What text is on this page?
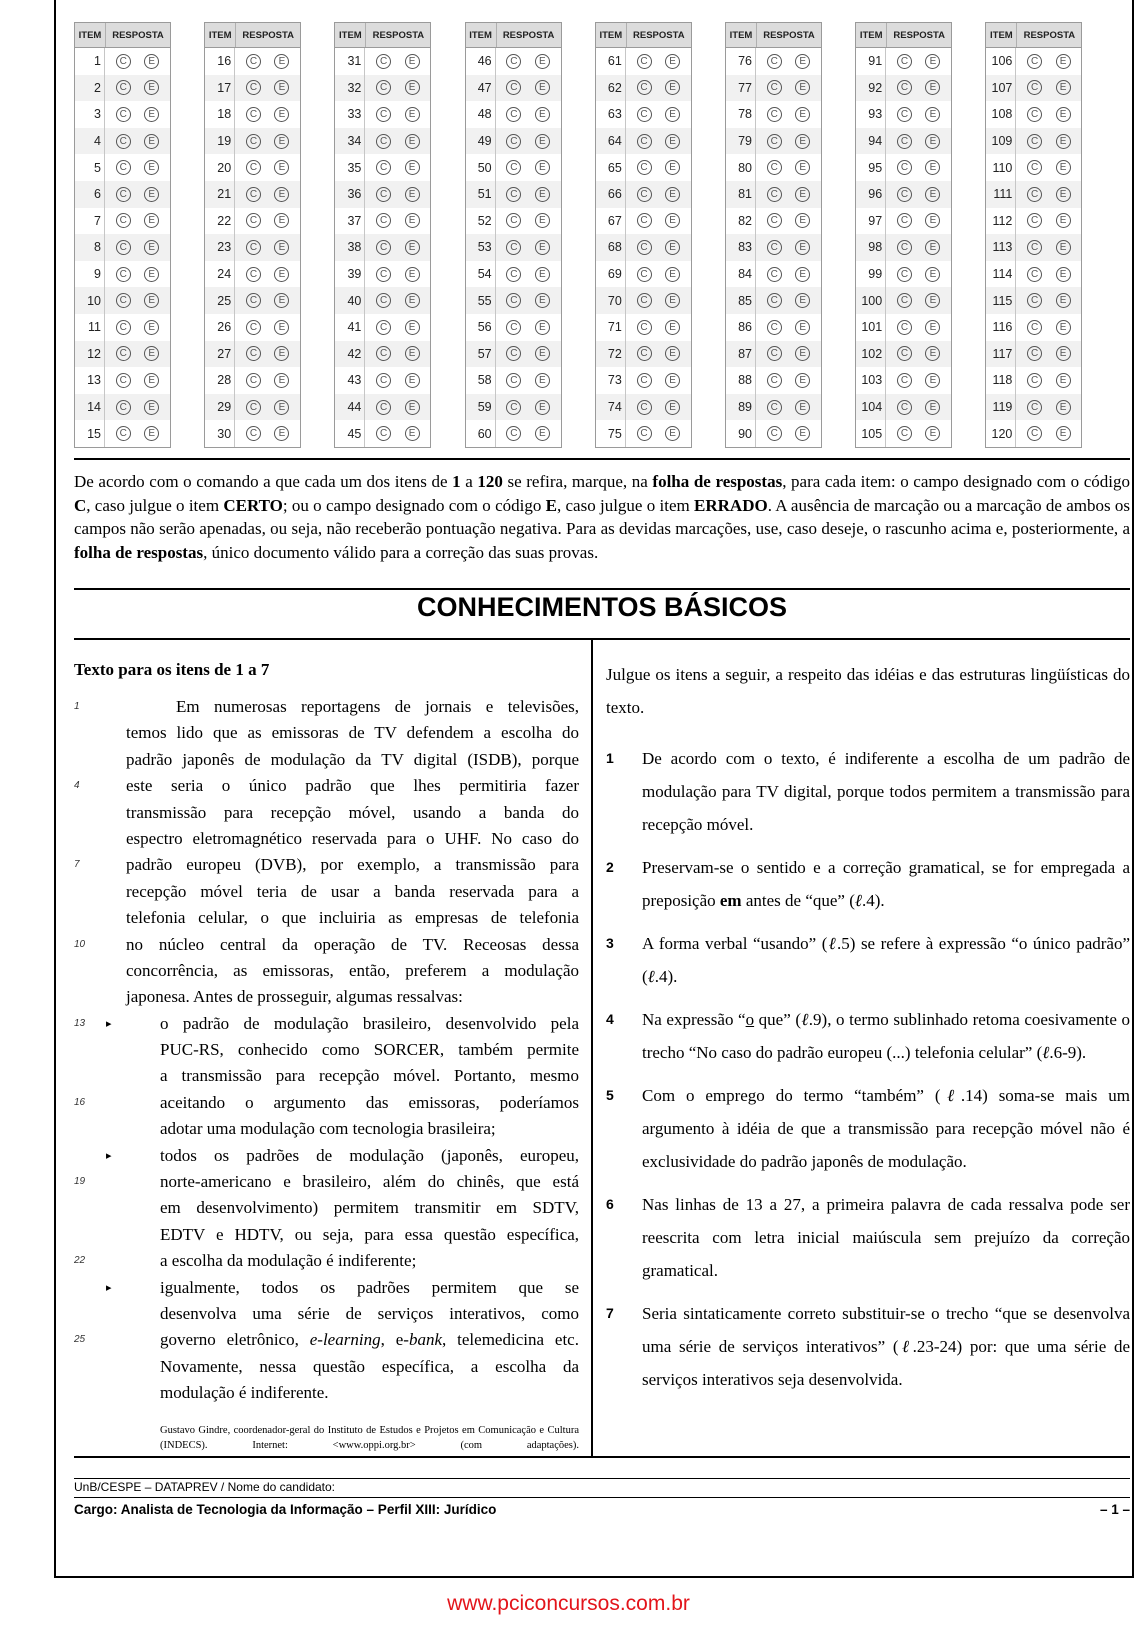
ITEM	RESPOSTA
1	C	E
2	C	E
3	C	E
4	C	E
5	C	E
6	C	E
7	C	E
8	C	E
9	C	E
10	C	E
11	C	E
12	C	E
13	C	E
14	C	E
15	C	E
ITEM	RESPOSTA
16	C	E
17	C	E
18	C	E
19	C	E
20	C	E
21	C	E
22	C	E
23	C	E
24	C	E
25	C	E
26	C	E
27	C	E
28	C	E
29	C	E
30	C	E
ITEM	RESPOSTA
31	C	E
32	C	E
33	C	E
34	C	E
35	C	E
36	C	E
37	C	E
38	C	E
39	C	E
40	C	E
41	C	E
42	C	E
43	C	E
44	C	E
45	C	E
ITEM	RESPOSTA
46	C	E
47	C	E
48	C	E
49	C	E
50	C	E
51	C	E
52	C	E
53	C	E
54	C	E
55	C	E
56	C	E
57	C	E
58	C	E
59	C	E
60	C	E
ITEM	RESPOSTA
61	C	E
62	C	E
63	C	E
64	C	E
65	C	E
66	C	E
67	C	E
68	C	E
69	C	E
70	C	E
71	C	E
72	C	E
73	C	E
74	C	E
75	C	E
ITEM	RESPOSTA
76	C	E
77	C	E
78	C	E
79	C	E
80	C	E
81	C	E
82	C	E
83	C	E
84	C	E
85	C	E
86	C	E
87	C	E
88	C	E
89	C	E
90	C	E
ITEM	RESPOSTA
91	C	E
92	C	E
93	C	E
94	C	E
95	C	E
96	C	E
97	C	E
98	C	E
99	C	E
100	C	E
101	C	E
102	C	E
103	C	E
104	C	E
105	C	E
ITEM	RESPOSTA
106	C	E
107	C	E
108	C	E
109	C	E
110	C	E
111	C	E
112	C	E
113	C	E
114	C	E
115	C	E
116	C	E
117	C	E
118	C	E
119	C	E
120	C	E
De acordo com o comando a que cada um dos itens de 1 a 120 se refira, marque, na folha de respostas, para cada item: o campo designado com o código C, caso julgue o item CERTO; ou o campo designado com o código E, caso julgue o item ERRADO. A ausência de marcação ou a marcação de ambos os campos não serão apenadas, ou seja, não receberão pontuação negativa. Para as devidas marcações, use, caso deseje, o rascunho acima e, posteriormente, a folha de respostas, único documento válido para a correção das suas provas.
CONHECIMENTOS BÁSICOS
Texto para os itens de 1 a 7
1	Em numerosas reportagens de jornais e televisões,
temos lido que as emissoras de TV defendem a escolha do
padrão japonês de modulação da TV digital (ISDB), porque
4	este seria o único padrão que lhes permitiria fazer
transmissão para recepção móvel, usando a banda do
espectro eletromagnético reservada para o UHF. No caso do
7	padrão europeu (DVB), por exemplo, a transmissão para
recepção móvel teria de usar a banda reservada para a
telefonia celular, o que incluiria as empresas de telefonia
10 no núcleo central da operação de TV. Receosas dessa
concorrência, as emissoras, então, preferem a modulação
japonesa. Antes de prosseguir, algumas ressalvas:
13 ▸	o padrão de modulação brasileiro, desenvolvido pela
PUC-RS, conhecido como SORCER, também permite
a transmissão para recepção móvel. Portanto, mesmo
16	aceitando o argumento das emissoras, poderíamos
adotar uma modulação com tecnologia brasileira;
▸	todos os padrões de modulação (japonês, europeu,
19	norte-americano e brasileiro, além do chinês, que está
em desenvolvimento) permitem transmitir em SDTV,
EDTV e HDTV, ou seja, para essa questão específica,
22	a escolha da modulação é indiferente;
▸	igualmente, todos os padrões permitem que se
desenvolva uma série de serviços interativos, como
25	governo eletrônico, e-learning, e-bank, telemedicina etc.
Novamente, nessa questão específica, a escolha da
modulação é indiferente.
Gustavo Gindre, coordenador-geral do Instituto de Estudos e Projetos em Comunicação e Cultura (INDECS). Internet: <www.oppi.org.br> (com adaptações).
Julgue os itens a seguir, a respeito das idéias e das estruturas lingüísticas do texto.
1 De acordo com o texto, é indiferente a escolha de um padrão de modulação para TV digital, porque todos permitem a transmissão para recepção móvel.
2 Preservam-se o sentido e a correção gramatical, se for empregada a preposição em antes de “que” (ℓ.4).
3 A forma verbal “usando” (ℓ.5) se refere à expressão “o único padrão” (ℓ.4).
4 Na expressão “o que” (ℓ.9), o termo sublinhado retoma coesivamente o trecho “No caso do padrão europeu (...) telefonia celular” (ℓ.6-9).
5 Com o emprego do termo “também” (ℓ.14) soma-se mais um argumento à idéia de que a transmissão para recepção móvel não é exclusividade do padrão japonês de modulação.
6 Nas linhas de 13 a 27, a primeira palavra de cada ressalva pode ser reescrita com letra inicial maiúscula sem prejuízo da correção gramatical.
7 Seria sintaticamente correto substituir-se o trecho “que se desenvolva uma série de serviços interativos” (ℓ.23-24) por: que uma série de serviços interativos seja desenvolvida.
UnB/CESPE – DATAPREV / Nome do candidato:
Cargo: Analista de Tecnologia da Informação – Perfil XIII: Jurídico	– 1 –
www.pciconcursos.com.br
